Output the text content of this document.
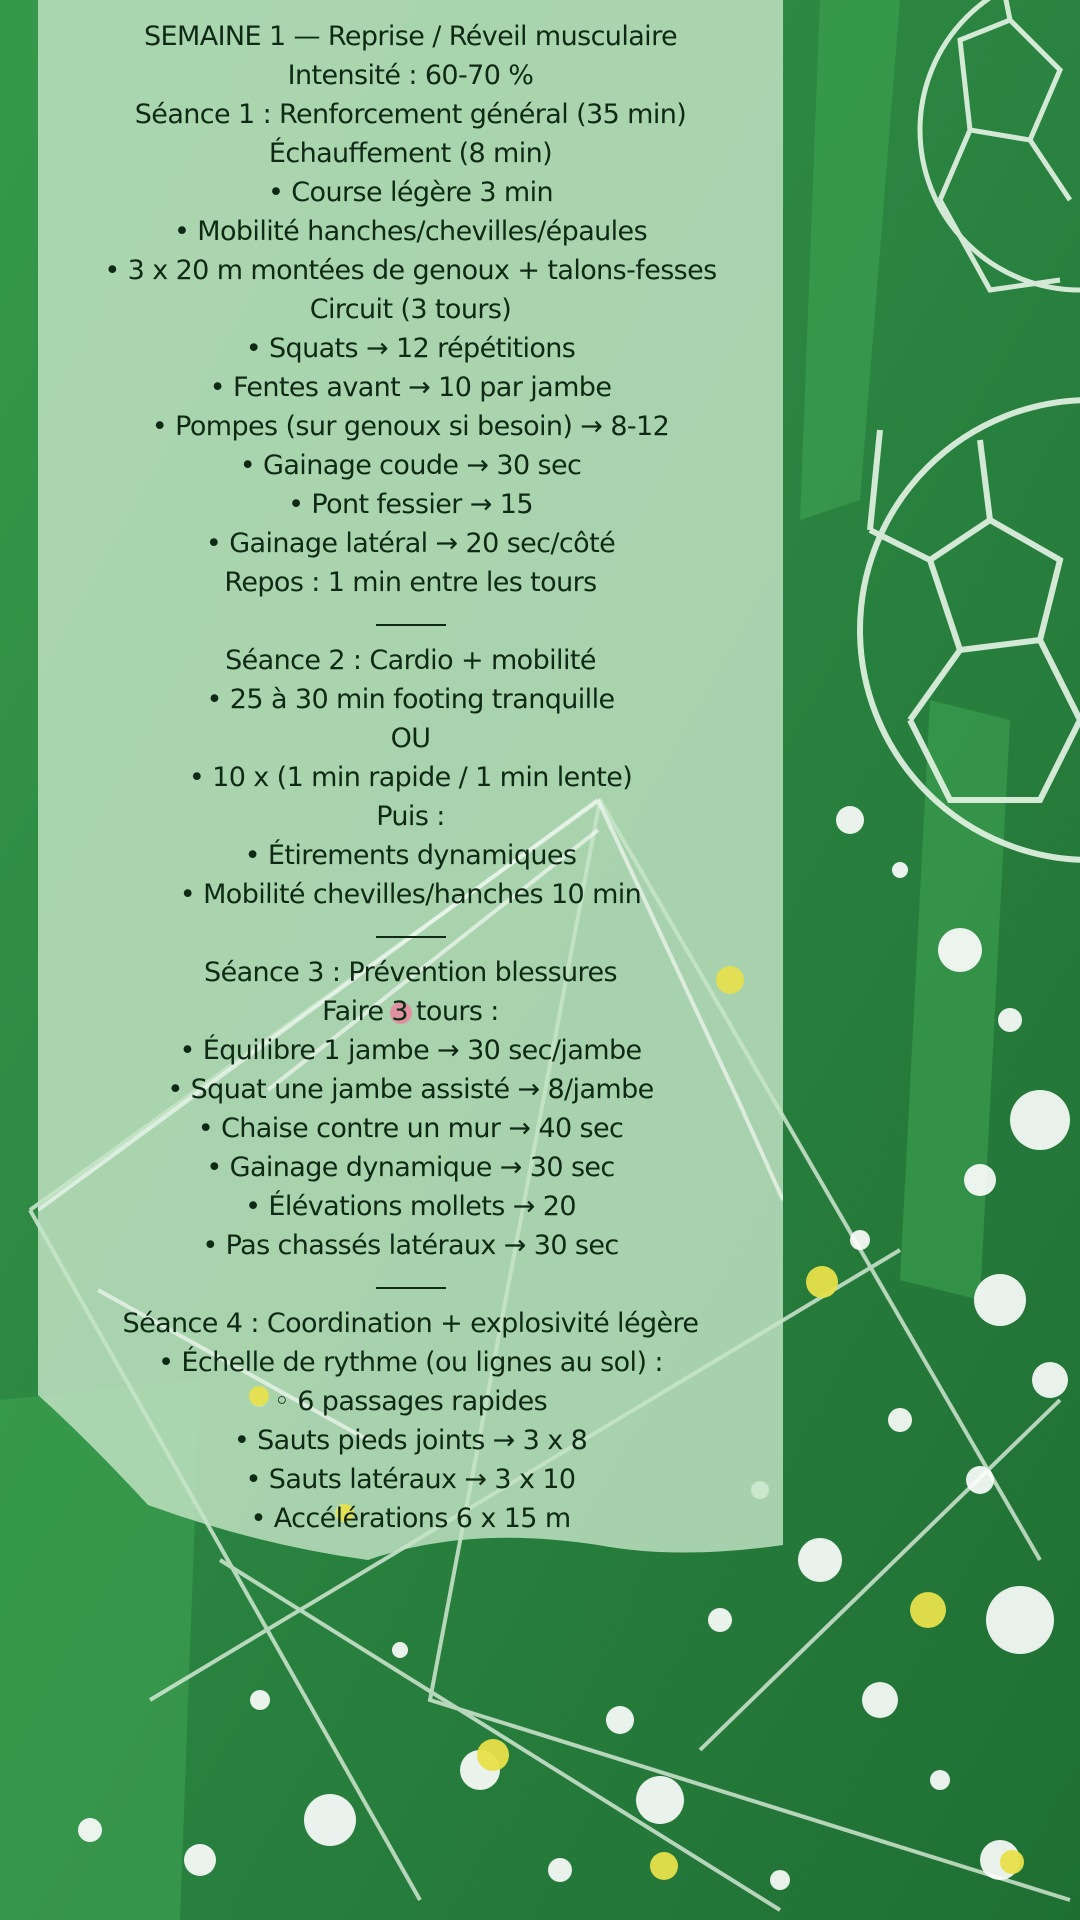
SEMAINE 1 — Reprise / Réveil musculaire
Intensité : 60-70 %
Séance 1 : Renforcement général (35 min)
Échauffement (8 min)
• Course légère 3 min
• Mobilité hanches/chevilles/épaules
• 3 x 20 m montées de genoux + talons-fesses
Circuit (3 tours)
• Squats → 12 répétitions
• Fentes avant → 10 par jambe
• Pompes (sur genoux si besoin) → 8-12
• Gainage coude → 30 sec
• Pont fessier → 15
• Gainage latéral → 20 sec/côté
Repos : 1 min entre les tours
Séance 2 : Cardio + mobilité
• 25 à 30 min footing tranquille
OU
• 10 x (1 min rapide / 1 min lente)
Puis :
• Étirements dynamiques
• Mobilité chevilles/hanches 10 min
Séance 3 : Prévention blessures
Faire 3 tours :
• Équilibre 1 jambe → 30 sec/jambe
• Squat une jambe assisté → 8/jambe
• Chaise contre un mur → 40 sec
• Gainage dynamique → 30 sec
• Élévations mollets → 20
• Pas chassés latéraux → 30 sec
Séance 4 : Coordination + explosivité légère
• Échelle de rythme (ou lignes au sol) :
◦ 6 passages rapides
• Sauts pieds joints → 3 x 8
• Sauts latéraux → 3 x 10
• Accélérations 6 x 15 m
